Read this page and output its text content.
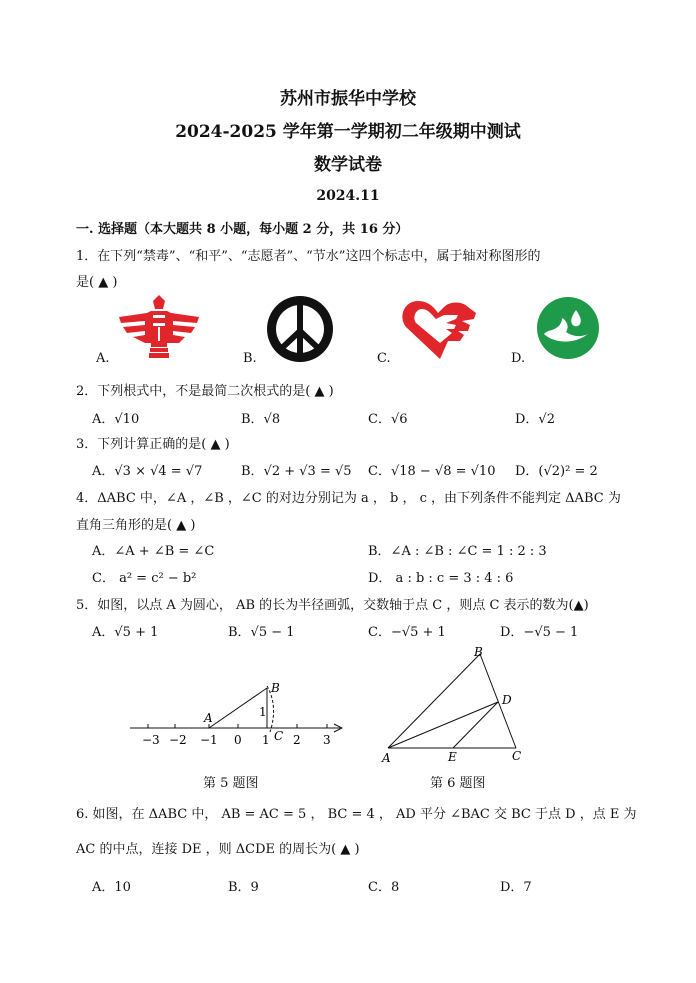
苏州市振华中学校
2024-2025 学年第一学期初二年级期中测试
数学试卷
2024.11
一. 选择题（本大题共 8 小题，每小题 2 分，共 16 分）
1．在下列“禁毒”、“和平”、“志愿者”、“节水”这四个标志中，属于轴对称图形的
是( ▲ )
A.	B.	C.	D.
2．下列根式中，不是最简二次根式的是( ▲ )
A．√10	B．√8	C．√6	D．√2
3．下列计算正确的是( ▲ )
A．√3 × √4 = √7	B．√2 + √3 = √5 C．√18 − √8 = √10 D．(√2)² = 2
4．ΔABC 中，∠A ，∠B ，∠C 的对边分别记为 a ， b ， c ，由下列条件不能判定 ΔABC 为
直角三角形的是( ▲ )
A．∠A + ∠B = ∠C	B．∠A : ∠B : ∠C = 1 : 2 : 3
C． a² = c² − b²	D． a : b : c = 3 : 4 : 6
5．如图，以点 A 为圆心， AB 的长为半径画弧，交数轴于点 C ，则点 C 表示的数为(▲)
A．√5 + 1	B．√5 − 1	C．−√5 + 1	D．−√5 − 1
−3 −2 −1 0 1 2 3
A
B
C
1
第 5 题图
A
B
C
D
E
第 6 题图
6. 如图，在 ΔABC 中， AB = AC = 5 ， BC = 4 ， AD 平分 ∠BAC 交 BC 于点 D ，点 E 为
AC 的中点，连接 DE ，则 ΔCDE 的周长为( ▲ )
A．10	B．9	C．8	D．7
